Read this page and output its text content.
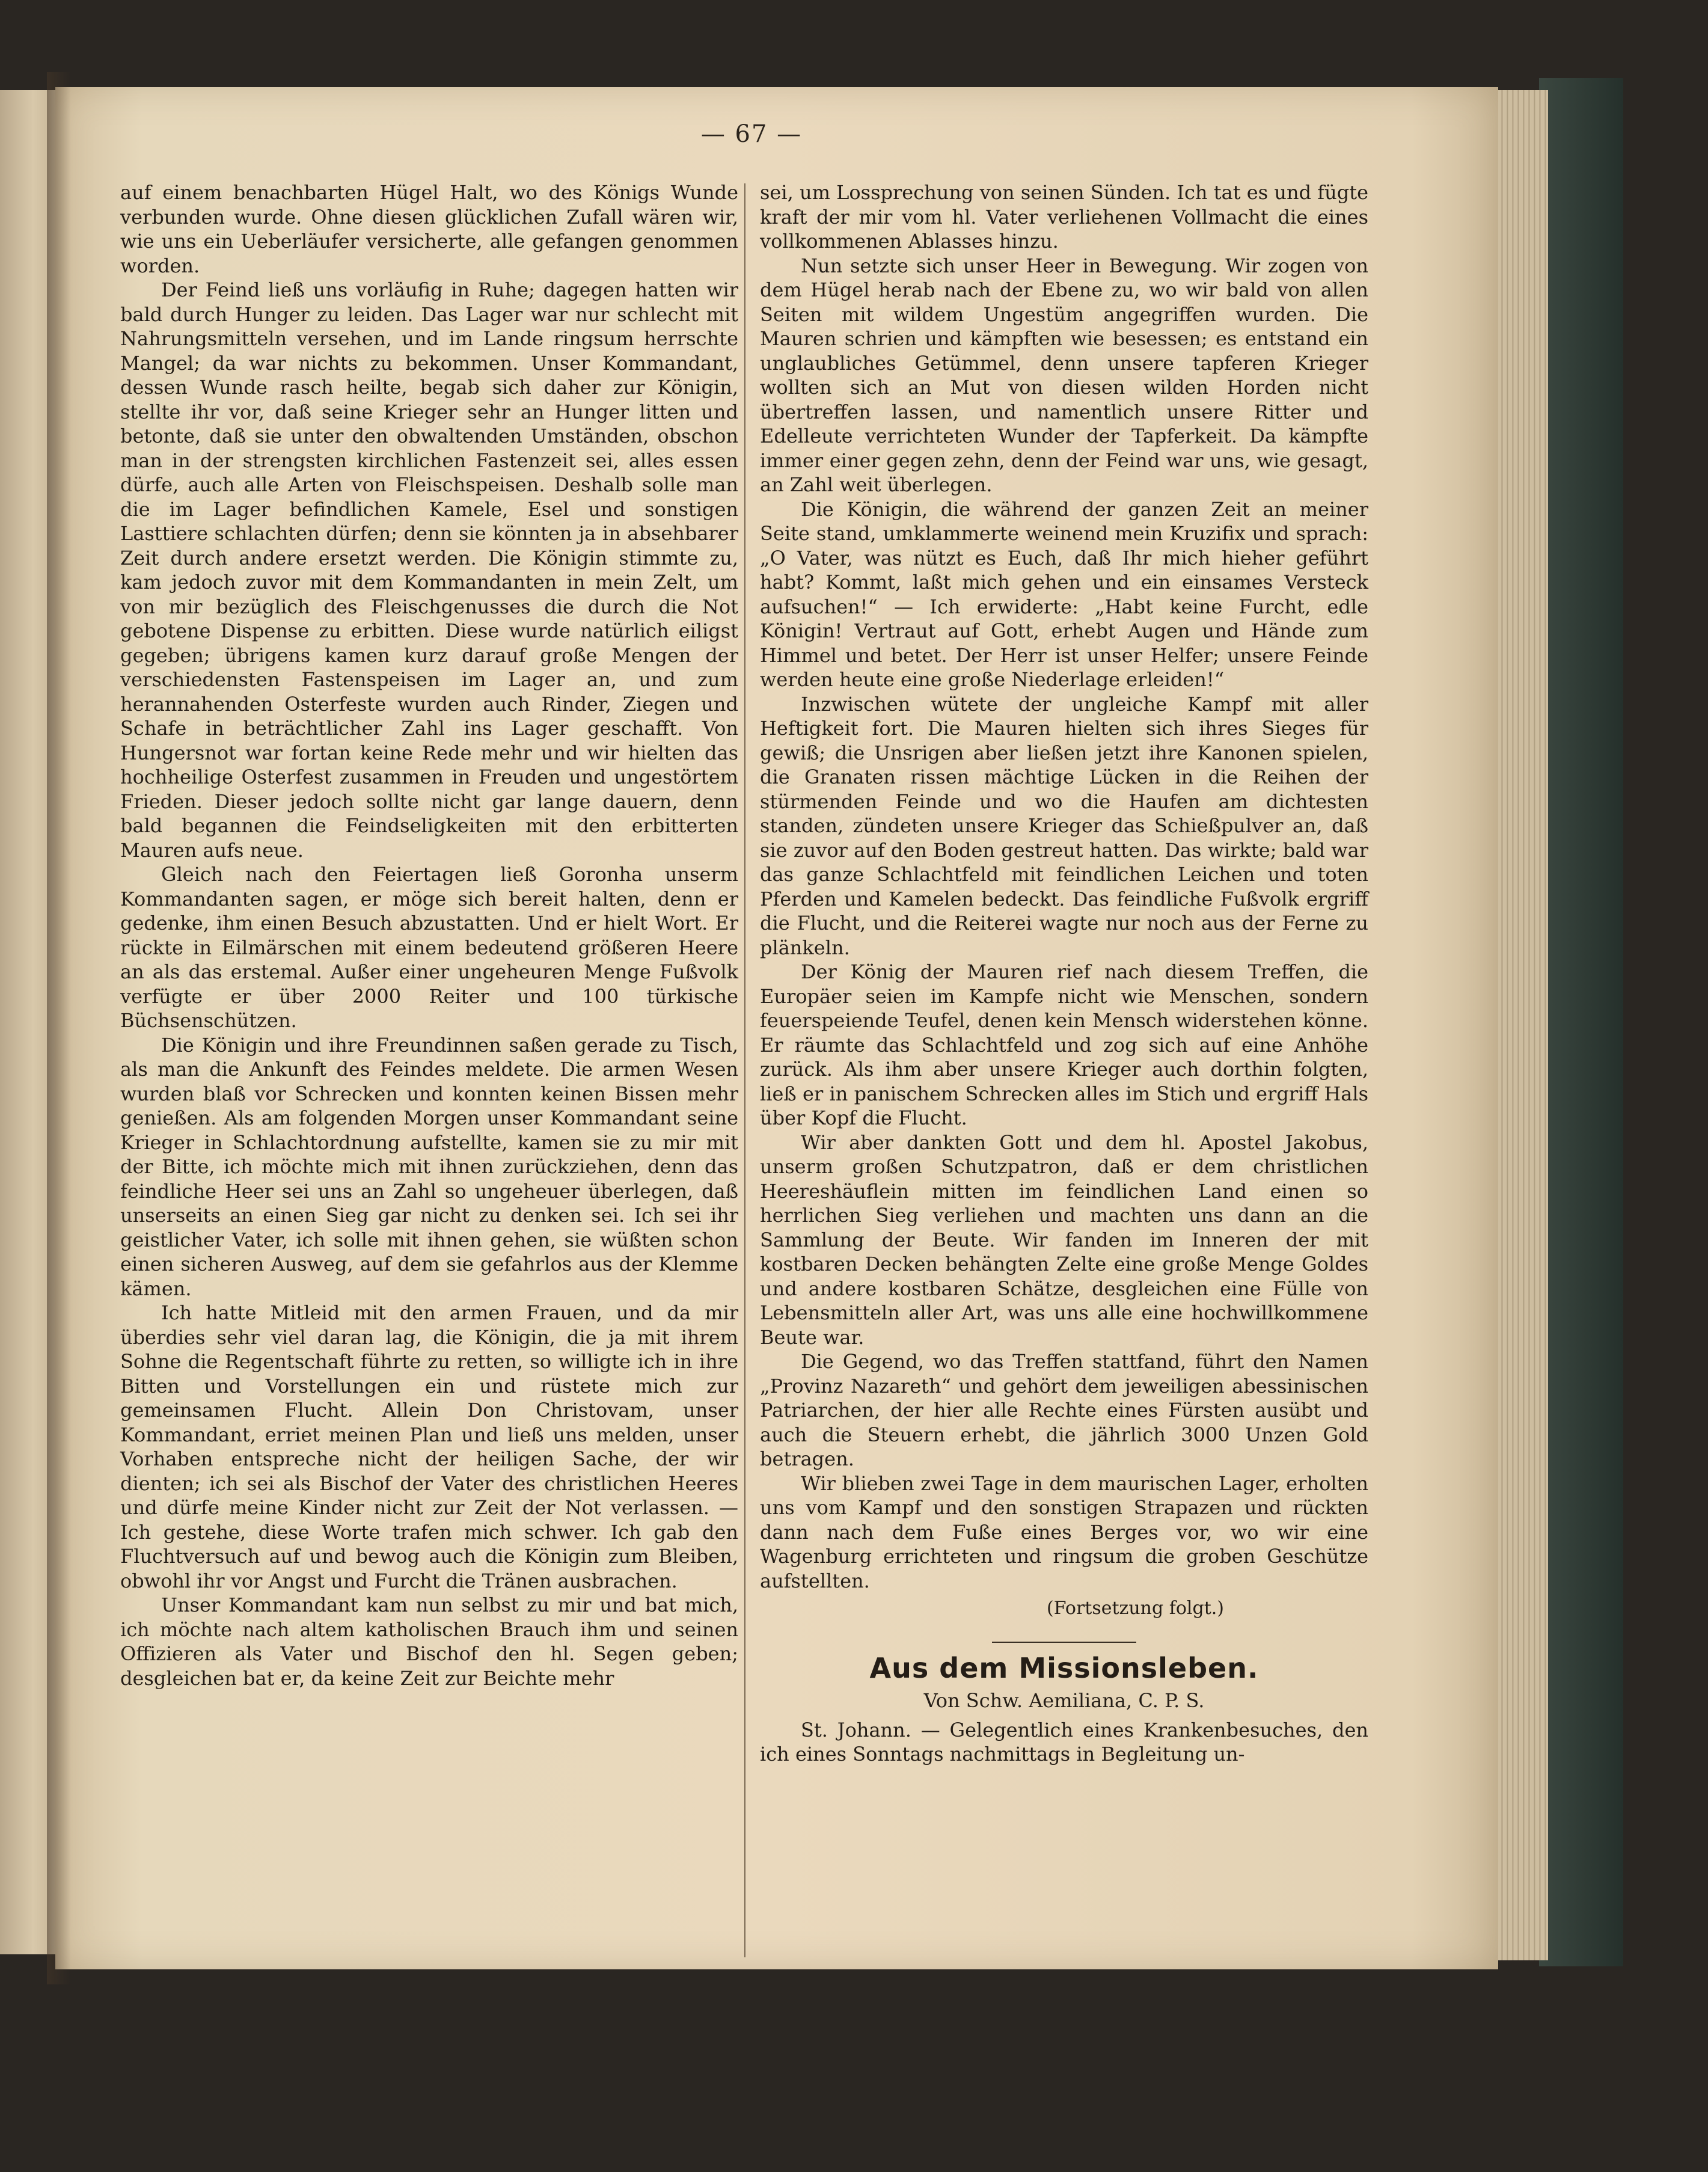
— 67 —

auf einem benachbarten Hügel Halt, wo des Königs Wunde verbunden wurde. Ohne diesen glücklichen Zufall wären wir, wie uns ein Ueberläufer versicherte, alle gefangen genommen worden.

Der Feind ließ uns vorläufig in Ruhe; dagegen hatten wir bald durch Hunger zu leiden. Das Lager war nur schlecht mit Nahrungsmitteln versehen, und im Lande ringsum herrschte Mangel; da war nichts zu bekommen. Unser Kommandant, dessen Wunde rasch heilte, begab sich daher zur Königin, stellte ihr vor, daß seine Krieger sehr an Hunger litten und betonte, daß sie unter den obwaltenden Umständen, obschon man in der strengsten kirchlichen Fastenzeit sei, alles essen dürfe, auch alle Arten von Fleischspeisen. Deshalb solle man die im Lager befindlichen Kamele, Esel und sonstigen Lasttiere schlachten dürfen; denn sie könnten ja in absehbarer Zeit durch andere ersetzt werden. Die Königin stimmte zu, kam jedoch zuvor mit dem Kommandanten in mein Zelt, um von mir bezüglich des Fleischgenusses die durch die Not gebotene Dispense zu erbitten. Diese wurde natürlich eiligst gegeben; übrigens kamen kurz darauf große Mengen der verschiedensten Fastenspeisen im Lager an, und zum herannahenden Osterfeste wurden auch Rinder, Ziegen und Schafe in beträchtlicher Zahl ins Lager geschafft. Von Hungersnot war fortan keine Rede mehr und wir hielten das hochheilige Osterfest zusammen in Freuden und ungestörtem Frieden. Dieser jedoch sollte nicht gar lange dauern, denn bald begannen die Feindseligkeiten mit den erbitterten Mauren aufs neue.

Gleich nach den Feiertagen ließ Goronha unserm Kommandanten sagen, er möge sich bereit halten, denn er gedenke, ihm einen Besuch abzustatten. Und er hielt Wort. Er rückte in Eilmärschen mit einem bedeutend größeren Heere an als das erstemal. Außer einer ungeheuren Menge Fußvolk verfügte er über 2000 Reiter und 100 türkische Büchsenschützen.

Die Königin und ihre Freundinnen saßen gerade zu Tisch, als man die Ankunft des Feindes meldete. Die armen Wesen wurden blaß vor Schrecken und konnten keinen Bissen mehr genießen. Als am folgenden Morgen unser Kommandant seine Krieger in Schlachtordnung aufstellte, kamen sie zu mir mit der Bitte, ich möchte mich mit ihnen zurückziehen, denn das feindliche Heer sei uns an Zahl so ungeheuer überlegen, daß unserseits an einen Sieg gar nicht zu denken sei. Ich sei ihr geistlicher Vater, ich solle mit ihnen gehen, sie wüßten schon einen sicheren Ausweg, auf dem sie gefahrlos aus der Klemme kämen.

Ich hatte Mitleid mit den armen Frauen, und da mir überdies sehr viel daran lag, die Königin, die ja mit ihrem Sohne die Regentschaft führte zu retten, so willigte ich in ihre Bitten und Vorstellungen ein und rüstete mich zur gemeinsamen Flucht. Allein Don Christovam, unser Kommandant, erriet meinen Plan und ließ uns melden, unser Vorhaben entspreche nicht der heiligen Sache, der wir dienten; ich sei als Bischof der Vater des christlichen Heeres und dürfe meine Kinder nicht zur Zeit der Not verlassen. — Ich gestehe, diese Worte trafen mich schwer. Ich gab den Fluchtversuch auf und bewog auch die Königin zum Bleiben, obwohl ihr vor Angst und Furcht die Tränen ausbrachen.

Unser Kommandant kam nun selbst zu mir und bat mich, ich möchte nach altem katholischen Brauch ihm und seinen Offizieren als Vater und Bischof den hl. Segen geben; desgleichen bat er, da keine Zeit zur Beichte mehr

sei, um Lossprechung von seinen Sünden. Ich tat es und fügte kraft der mir vom hl. Vater verliehenen Vollmacht die eines vollkommenen Ablasses hinzu.

Nun setzte sich unser Heer in Bewegung. Wir zogen von dem Hügel herab nach der Ebene zu, wo wir bald von allen Seiten mit wildem Ungestüm angegriffen wurden. Die Mauren schrien und kämpften wie besessen; es entstand ein unglaubliches Getümmel, denn unsere tapferen Krieger wollten sich an Mut von diesen wilden Horden nicht übertreffen lassen, und namentlich unsere Ritter und Edelleute verrichteten Wunder der Tapferkeit. Da kämpfte immer einer gegen zehn, denn der Feind war uns, wie gesagt, an Zahl weit überlegen.

Die Königin, die während der ganzen Zeit an meiner Seite stand, umklammerte weinend mein Kruzifix und sprach: „O Vater, was nützt es Euch, daß Ihr mich hieher geführt habt? Kommt, laßt mich gehen und ein einsames Versteck aufsuchen!“ — Ich erwiderte: „Habt keine Furcht, edle Königin! Vertraut auf Gott, erhebt Augen und Hände zum Himmel und betet. Der Herr ist unser Helfer; unsere Feinde werden heute eine große Niederlage erleiden!“

Inzwischen wütete der ungleiche Kampf mit aller Heftigkeit fort. Die Mauren hielten sich ihres Sieges für gewiß; die Unsrigen aber ließen jetzt ihre Kanonen spielen, die Granaten rissen mächtige Lücken in die Reihen der stürmenden Feinde und wo die Haufen am dichtesten standen, zündeten unsere Krieger das Schießpulver an, daß sie zuvor auf den Boden gestreut hatten. Das wirkte; bald war das ganze Schlachtfeld mit feindlichen Leichen und toten Pferden und Kamelen bedeckt. Das feindliche Fußvolk ergriff die Flucht, und die Reiterei wagte nur noch aus der Ferne zu plänkeln.

Der König der Mauren rief nach diesem Treffen, die Europäer seien im Kampfe nicht wie Menschen, sondern feuerspeiende Teufel, denen kein Mensch widerstehen könne. Er räumte das Schlachtfeld und zog sich auf eine Anhöhe zurück. Als ihm aber unsere Krieger auch dorthin folgten, ließ er in panischem Schrecken alles im Stich und ergriff Hals über Kopf die Flucht.

Wir aber dankten Gott und dem hl. Apostel Jakobus, unserm großen Schutzpatron, daß er dem christlichen Heereshäuflein mitten im feindlichen Land einen so herrlichen Sieg verliehen und machten uns dann an die Sammlung der Beute. Wir fanden im Inneren der mit kostbaren Decken behängten Zelte eine große Menge Goldes und andere kostbaren Schätze, desgleichen eine Fülle von Lebensmitteln aller Art, was uns alle eine hochwillkommene Beute war.

Die Gegend, wo das Treffen stattfand, führt den Namen „Provinz Nazareth“ und gehört dem jeweiligen abessinischen Patriarchen, der hier alle Rechte eines Fürsten ausübt und auch die Steuern erhebt, die jährlich 3000 Unzen Gold betragen.

Wir blieben zwei Tage in dem maurischen Lager, erholten uns vom Kampf und den sonstigen Strapazen und rückten dann nach dem Fuße eines Berges vor, wo wir eine Wagenburg errichteten und ringsum die groben Geschütze aufstellten.

(Fortsetzung folgt.)
Aus dem Missionsleben.
Von Schw. Aemiliana, C. P. S.

St. Johann. — Gelegentlich eines Krankenbesuches, den ich eines Sonntags nachmittags in Begleitung un-
